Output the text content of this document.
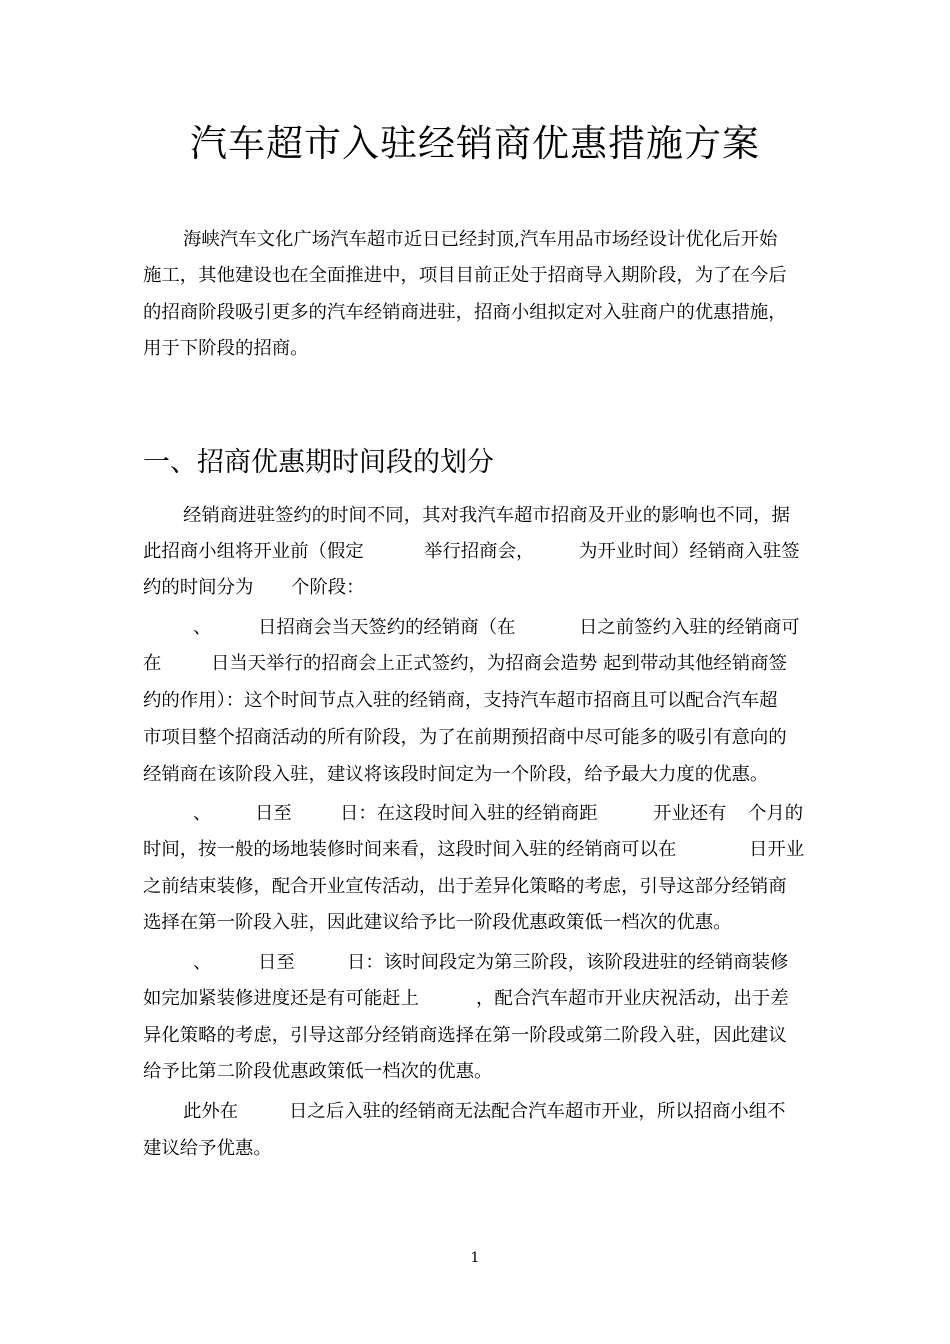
汽车超市入驻经销商优惠措施方案
海峡汽车文化广场汽车超市近日已经封顶,汽车用品市场经设计优化后开始
施工，其他建设也在全面推进中，项目目前正处于招商导入期阶段，为了在今后
的招商阶段吸引更多的汽车经销商进驻，招商小组拟定对入驻商户的优惠措施，
用于下阶段的招商。
一、招商优惠期时间段的划分
经销商进驻签约的时间不同，其对我汽车超市招商及开业的影响也不同，据
此招商小组将开业前（假定	举行招商会， 为开业时间）经销商入驻签
约的时间分为 个阶段：
、	日招商会当天签约的经销商（在	日之前签约入驻的经销商可
在	日当天举行的招商会上正式签约，为招商会造势 起到带动其他经销商签
约的作用）：这个时间节点入驻的经销商，支持汽车超市招商且可以配合汽车超
市项目整个招商活动的所有阶段，为了在前期预招商中尽可能多的吸引有意向的
经销商在该阶段入驻，建议将该段时间定为一个阶段，给予最大力度的优惠。
、 日至	日：在这段时间入驻的经销商距	开业还有 个月的
时间，按一般的场地装修时间来看，这段时间入驻的经销商可以在	日开业
之前结束装修，配合开业宣传活动，出于差异化策略的考虑，引导这部分经销商
选择在第一阶段入驻，因此建议给予比一阶段优惠政策低一档次的优惠。
、	日至	日：该时间段定为第三阶段，该阶段进驻的经销商装修
如完加紧装修进度还是有可能赶上	，配合汽车超市开业庆祝活动，出于差
异化策略的考虑，引导这部分经销商选择在第一阶段或第二阶段入驻，因此建议
给予比第二阶段优惠政策低一档次的优惠。
此外在	日之后入驻的经销商无法配合汽车超市开业，所以招商小组不
建议给予优惠。
1
